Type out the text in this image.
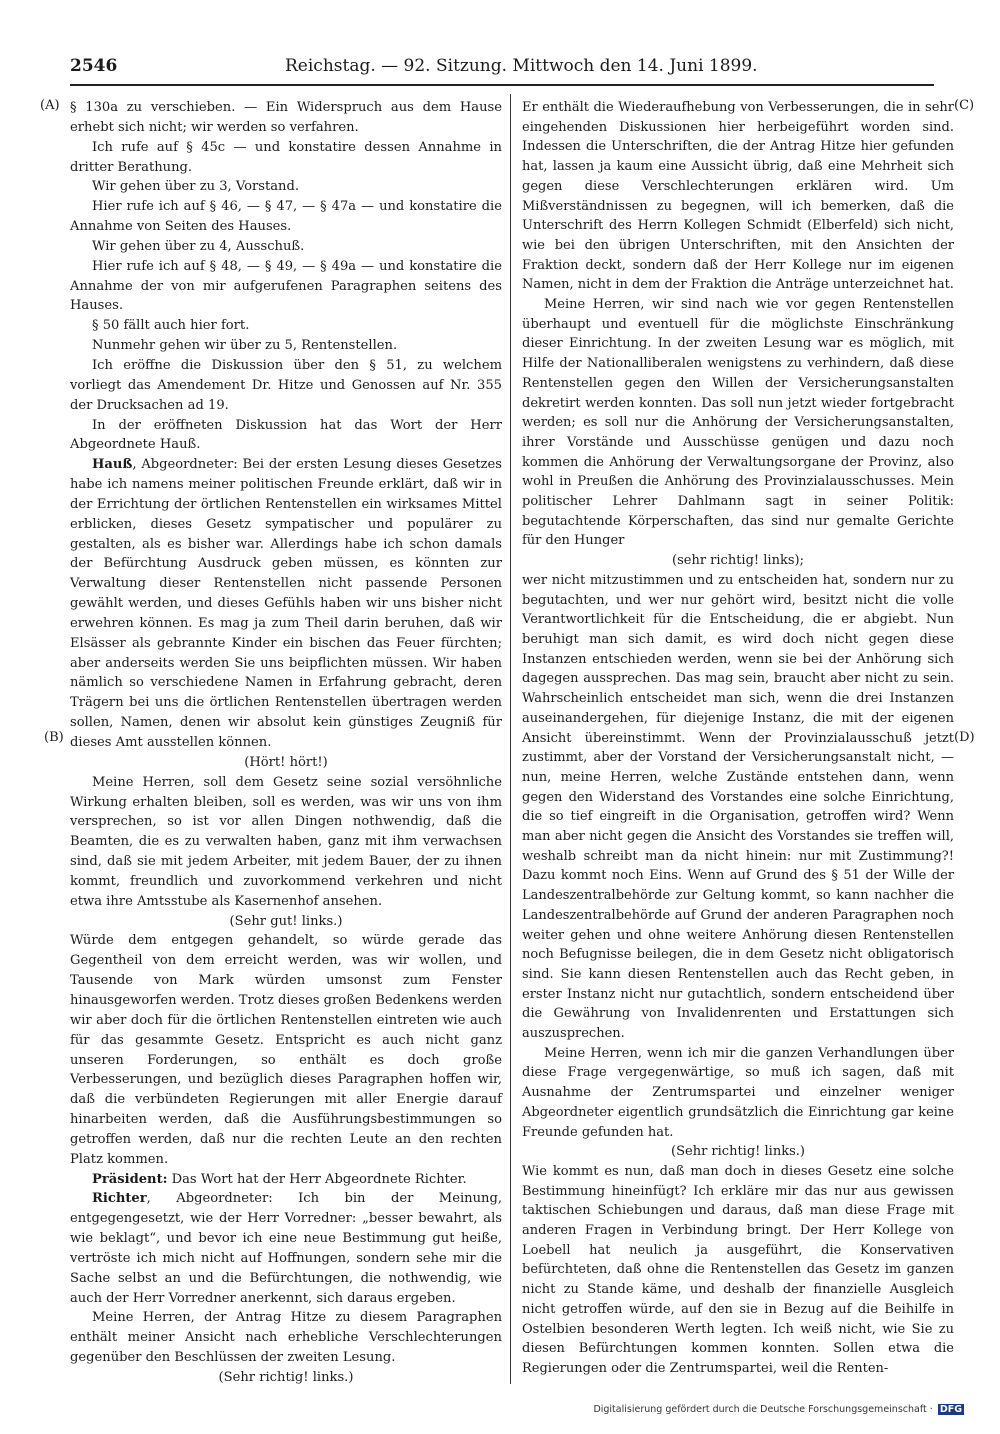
2546	Reichstag. — 92. Sitzung. Mittwoch den 14. Juni 1899.
(A)
(B)
(C)
(D)

§ 130a zu verschieben. — Ein Widerspruch aus dem Hause erhebt sich nicht; wir werden so verfahren.

Ich rufe auf § 45c — und konstatire dessen Annahme in dritter Berathung.

Wir gehen über zu 3, Vorstand.

Hier rufe ich auf § 46, — § 47, — § 47a — und konstatire die Annahme von Seiten des Hauses.

Wir gehen über zu 4, Ausschuß.

Hier rufe ich auf § 48, — § 49, — § 49a — und konstatire die Annahme der von mir aufgerufenen Paragraphen seitens des Hauses.

§ 50 fällt auch hier fort.

Nunmehr gehen wir über zu 5, Rentenstellen.

Ich eröffne die Diskussion über den § 51, zu welchem vorliegt das Amendement Dr. Hitze und Genossen auf Nr. 355 der Drucksachen ad 19.

In der eröffneten Diskussion hat das Wort der Herr Abgeordnete Hauß.

Hauß, Abgeordneter: Bei der ersten Lesung dieses Gesetzes habe ich namens meiner politischen Freunde erklärt, daß wir in der Errichtung der örtlichen Rentenstellen ein wirksames Mittel erblicken, dieses Gesetz sympatischer und populärer zu gestalten, als es bisher war. Allerdings habe ich schon damals der Befürchtung Ausdruck geben müssen, es könnten zur Verwaltung dieser Rentenstellen nicht passende Personen gewählt werden, und dieses Gefühls haben wir uns bisher nicht erwehren können. Es mag ja zum Theil darin beruhen, daß wir Elsässer als gebrannte Kinder ein bischen das Feuer fürchten; aber anderseits werden Sie uns beipflichten müssen. Wir haben nämlich so verschiedene Namen in Erfahrung gebracht, deren Trägern bei uns die örtlichen Rentenstellen übertragen werden sollen, Namen, denen wir absolut kein günstiges Zeugniß für dieses Amt ausstellen können.

(Hört! hört!)

Meine Herren, soll dem Gesetz seine sozial versöhnliche Wirkung erhalten bleiben, soll es werden, was wir uns von ihm versprechen, so ist vor allen Dingen nothwendig, daß die Beamten, die es zu verwalten haben, ganz mit ihm verwachsen sind, daß sie mit jedem Arbeiter, mit jedem Bauer, der zu ihnen kommt, freundlich und zuvorkommend verkehren und nicht etwa ihre Amtsstube als Kasernenhof ansehen.

(Sehr gut! links.)

Würde dem entgegen gehandelt, so würde gerade das Gegentheil von dem erreicht werden, was wir wollen, und Tausende von Mark würden umsonst zum Fenster hinausgeworfen werden. Trotz dieses großen Bedenkens werden wir aber doch für die örtlichen Rentenstellen eintreten wie auch für das gesammte Gesetz. Entspricht es auch nicht ganz unseren Forderungen, so enthält es doch große Verbesserungen, und bezüglich dieses Paragraphen hoffen wir, daß die verbündeten Regierungen mit aller Energie darauf hinarbeiten werden, daß die Ausführungsbestimmungen so getroffen werden, daß nur die rechten Leute an den rechten Platz kommen.

Präsident: Das Wort hat der Herr Abgeordnete Richter.

Richter, Abgeordneter: Ich bin der Meinung, entgegengesetzt, wie der Herr Vorredner: „besser bewahrt, als wie beklagt“, und bevor ich eine neue Bestimmung gut heiße, vertröste ich mich nicht auf Hoffnungen, sondern sehe mir die Sache selbst an und die Befürchtungen, die nothwendig, wie auch der Herr Vorredner anerkennt, sich daraus ergeben.

Meine Herren, der Antrag Hitze zu diesem Paragraphen enthält meiner Ansicht nach erhebliche Verschlechterungen gegenüber den Beschlüssen der zweiten Lesung.

(Sehr richtig! links.)

Er enthält die Wiederaufhebung von Verbesserungen, die in sehr eingehenden Diskussionen hier herbeigeführt worden sind. Indessen die Unterschriften, die der Antrag Hitze hier gefunden hat, lassen ja kaum eine Aussicht übrig, daß eine Mehrheit sich gegen diese Verschlechterungen erklären wird. Um Mißverständnissen zu begegnen, will ich bemerken, daß die Unterschrift des Herrn Kollegen Schmidt (Elberfeld) sich nicht, wie bei den übrigen Unterschriften, mit den Ansichten der Fraktion deckt, sondern daß der Herr Kollege nur im eigenen Namen, nicht in dem der Fraktion die Anträge unterzeichnet hat.

Meine Herren, wir sind nach wie vor gegen Rentenstellen überhaupt und eventuell für die möglichste Einschränkung dieser Einrichtung. In der zweiten Lesung war es möglich, mit Hilfe der Nationalliberalen wenigstens zu verhindern, daß diese Rentenstellen gegen den Willen der Versicherungsanstalten dekretirt werden konnten. Das soll nun jetzt wieder fortgebracht werden; es soll nur die Anhörung der Versicherungsanstalten, ihrer Vorstände und Ausschüsse genügen und dazu noch kommen die Anhörung der Verwaltungsorgane der Provinz, also wohl in Preußen die Anhörung des Provinzialausschusses. Mein politischer Lehrer Dahlmann sagt in seiner Politik: begutachtende Körperschaften, das sind nur gemalte Gerichte für den Hunger

(sehr richtig! links);

wer nicht mitzustimmen und zu entscheiden hat, sondern nur zu begutachten, und wer nur gehört wird, besitzt nicht die volle Verantwortlichkeit für die Entscheidung, die er abgiebt. Nun beruhigt man sich damit, es wird doch nicht gegen diese Instanzen entschieden werden, wenn sie bei der Anhörung sich dagegen aussprechen. Das mag sein, braucht aber nicht zu sein. Wahrscheinlich entscheidet man sich, wenn die drei Instanzen auseinandergehen, für diejenige Instanz, die mit der eigenen Ansicht übereinstimmt. Wenn der Provinzialausschuß jetzt zustimmt, aber der Vorstand der Versicherungsanstalt nicht, — nun, meine Herren, welche Zustände entstehen dann, wenn gegen den Widerstand des Vorstandes eine solche Einrichtung, die so tief eingreift in die Organisation, getroffen wird? Wenn man aber nicht gegen die Ansicht des Vorstandes sie treffen will, weshalb schreibt man da nicht hinein: nur mit Zustimmung?! Dazu kommt noch Eins. Wenn auf Grund des § 51 der Wille der Landeszentralbehörde zur Geltung kommt, so kann nachher die Landeszentralbehörde auf Grund der anderen Paragraphen noch weiter gehen und ohne weitere Anhörung diesen Rentenstellen noch Befugnisse beilegen, die in dem Gesetz nicht obligatorisch sind. Sie kann diesen Rentenstellen auch das Recht geben, in erster Instanz nicht nur gutachtlich, sondern entscheidend über die Gewährung von Invalidenrenten und Erstattungen sich auszusprechen.

Meine Herren, wenn ich mir die ganzen Verhandlungen über diese Frage vergegenwärtige, so muß ich sagen, daß mit Ausnahme der Zentrumspartei und einzelner weniger Abgeordneter eigentlich grundsätzlich die Einrichtung gar keine Freunde gefunden hat.

(Sehr richtig! links.)

Wie kommt es nun, daß man doch in dieses Gesetz eine solche Bestimmung hineinfügt? Ich erkläre mir das nur aus gewissen taktischen Schiebungen und daraus, daß man diese Frage mit anderen Fragen in Verbindung bringt. Der Herr Kollege von Loebell hat neulich ja ausgeführt, die Konservativen befürchteten, daß ohne die Rentenstellen das Gesetz im ganzen nicht zu Stande käme, und deshalb der finanzielle Ausgleich nicht getroffen würde, auf den sie in Bezug auf die Beihilfe in Ostelbien besonderen Werth legten. Ich weiß nicht, wie Sie zu diesen Befürchtungen kommen konnten. Sollen etwa die Regierungen oder die Zentrumspartei, weil die Renten-

Digitalisierung gefördert durch die Deutsche Forschungsgemeinschaft · DFG
